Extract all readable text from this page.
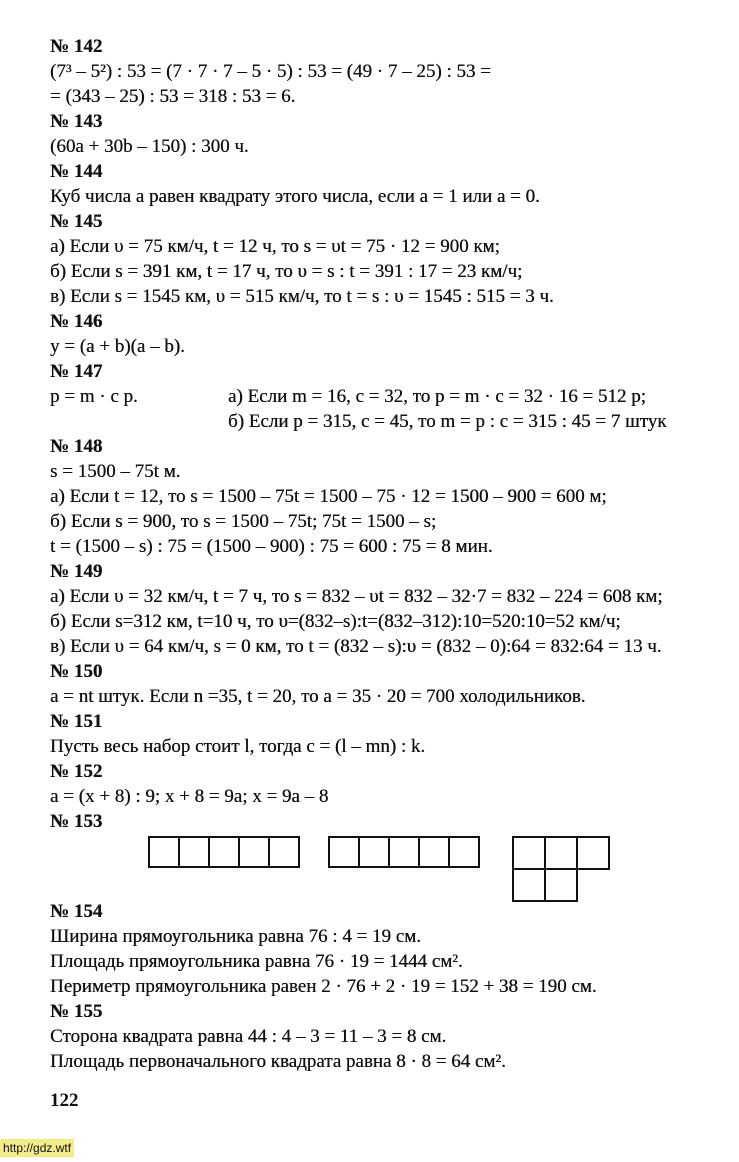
№ 142
(7³ – 5²) : 53 = (7 · 7 · 7 – 5 · 5) : 53 = (49 · 7 – 25) : 53 =
= (343 – 25) : 53 = 318 : 53 = 6.
№ 143
(60a + 30b – 150) : 300 ч.
№ 144
Куб числа a равен квадрату этого числа, если a = 1 или a = 0.
№ 145
а) Если υ = 75 км/ч, t = 12 ч, то s = υt = 75 · 12 = 900 км;
б) Если s = 391 км, t = 17 ч, то υ = s : t = 391 : 17 = 23 км/ч;
в) Если s = 1545 км, υ = 515 км/ч, то t = s : υ = 1545 : 515 = 3 ч.
№ 146
y = (a + b)(a – b).
№ 147
p = m · c р.	а) Если m = 16, c = 32, то p = m · c = 32 · 16 = 512 р;
б) Если p = 315, c = 45, то m = p : c = 315 : 45 = 7 штук
№ 148
s = 1500 – 75t м.
а) Если t = 12, то s = 1500 – 75t = 1500 – 75 · 12 = 1500 – 900 = 600 м;
б) Если s = 900, то s = 1500 – 75t; 75t = 1500 – s;
t = (1500 – s) : 75 = (1500 – 900) : 75 = 600 : 75 = 8 мин.
№ 149
а) Если υ = 32 км/ч, t = 7 ч, то s = 832 – υt = 832 – 32·7 = 832 – 224 = 608 км;
б) Если s=312 км, t=10 ч, то υ=(832–s):t=(832–312):10=520:10=52 км/ч;
в) Если υ = 64 км/ч, s = 0 км, то t = (832 – s):υ = (832 – 0):64 = 832:64 = 13 ч.
№ 150
a = nt штук. Если n =35, t = 20, то a = 35 · 20 = 700 холодильников.
№ 151
Пусть весь набор стоит l, тогда c = (l – mn) : k.
№ 152
a = (x + 8) : 9; x + 8 = 9a; x = 9a – 8
№ 153
№ 154
Ширина прямоугольника равна 76 : 4 = 19 см.
Площадь прямоугольника равна 76 · 19 = 1444 см².
Периметр прямоугольника равен 2 · 76 + 2 · 19 = 152 + 38 = 190 см.
№ 155
Сторона квадрата равна 44 : 4 – 3 = 11 – 3 = 8 см.
Площадь первоначального квадрата равна 8 · 8 = 64 см².
122
http://gdz.wtf
